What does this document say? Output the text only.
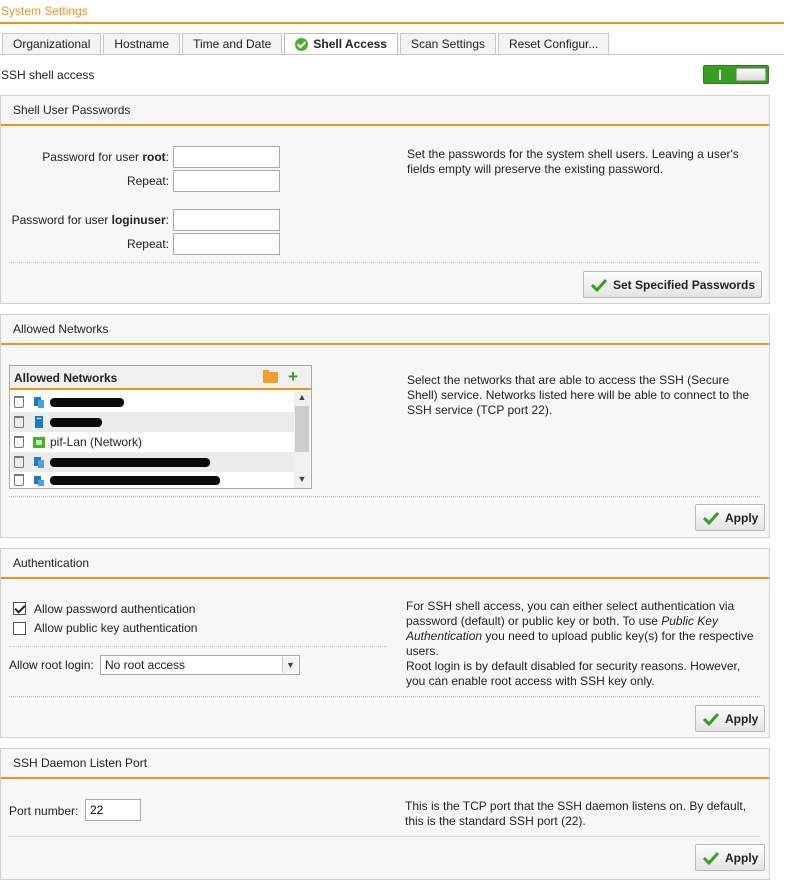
System Settings
Organizational	Hostname	Time and Date	Shell Access	Scan Settings	Reset Configur...
SSH shell access
Shell User Passwords
Password for user root:
Repeat:
Password for user loginuser:
Repeat:
Set the passwords for the system shell users. Leaving a user's fields empty will preserve the existing password.
Set Specified Passwords
Allowed Networks
Allowed Networks	+
pif-Lan (Network)
▲
▼
Select the networks that are able to access the SSH (Secure Shell) service. Networks listed here will be able to connect to the SSH service (TCP port 22).
Apply
Authentication
Allow password authentication
Allow public key authentication
Allow root login: No root access	▼
For SSH shell access, you can either select authentication via password (default) or public key or both. To use Public Key Authentication you need to upload public key(s) for the respective users.
Root login is by default disabled for security reasons. However, you can enable root access with SSH key only.
Apply
SSH Daemon Listen Port
Port number:
22	This is the TCP port that the SSH daemon listens on. By default, this is the standard SSH port (22).
Apply
